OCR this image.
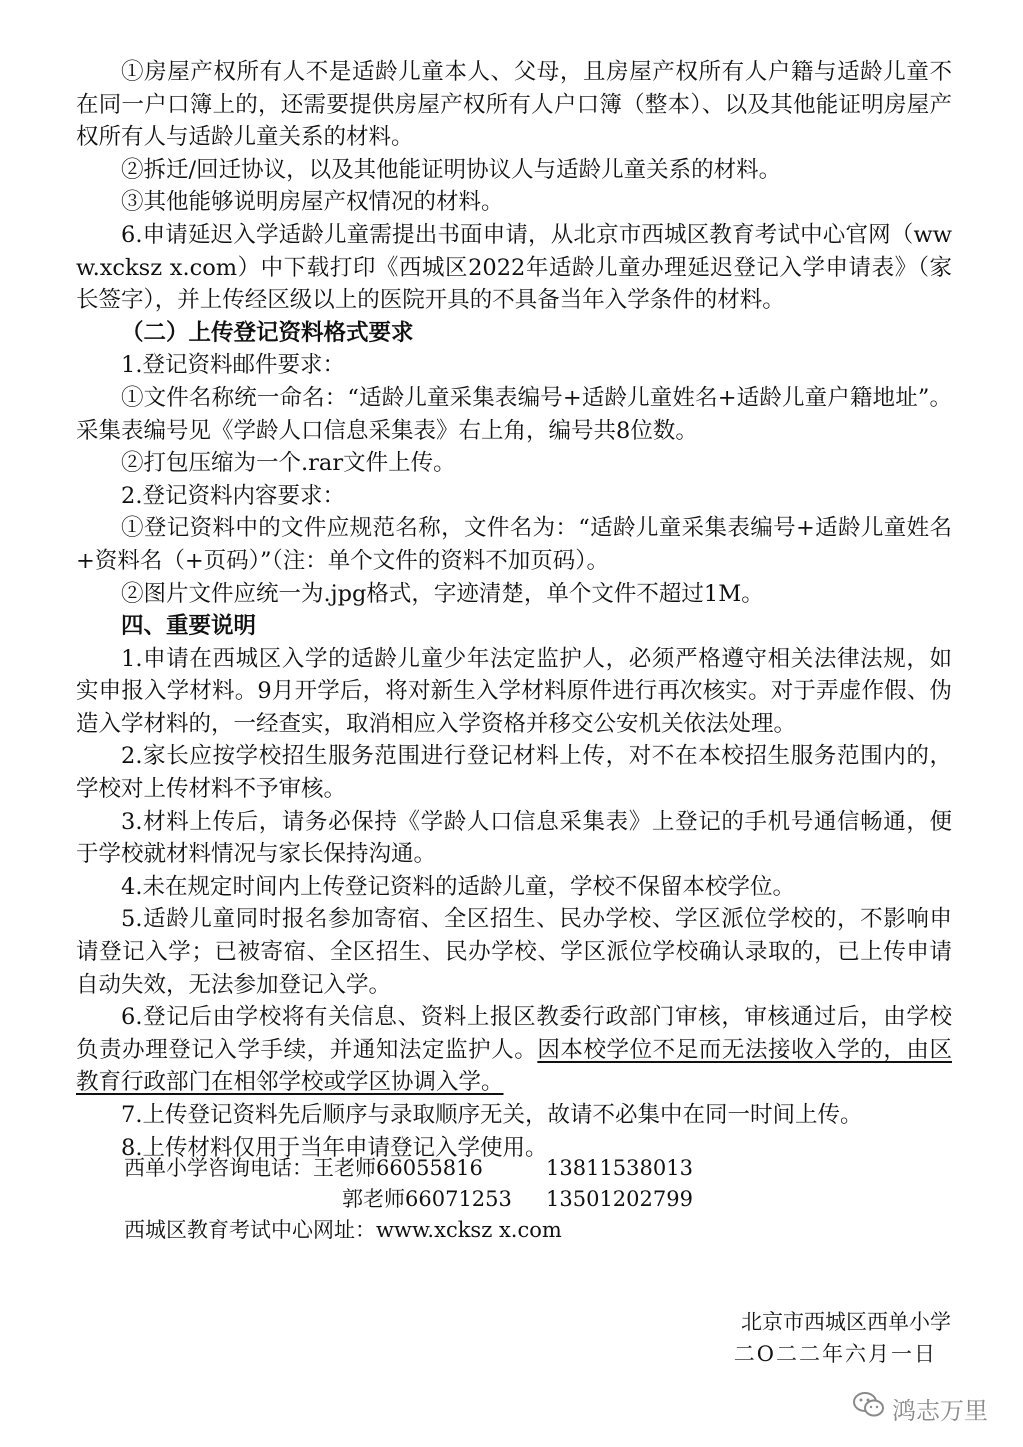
①房屋产权所有人不是适龄儿童本人、父母，且房屋产权所有人户籍与适龄儿童不在同一户口簿上的，还需要提供房屋产权所有人户口簿（整本）、以及其他能证明房屋产权所有人与适龄儿童关系的材料。

②拆迁/回迁协议，以及其他能证明协议人与适龄儿童关系的材料。

③其他能够说明房屋产权情况的材料。

6.申请延迟入学适龄儿童需提出书面申请，从北京市西城区教育考试中心官网（www.xcksz x.com）中下载打印《西城区2022年适龄儿童办理延迟登记入学申请表》（家长签字），并上传经区级以上的医院开具的不具备当年入学条件的材料。

（二）上传登记资料格式要求

1.登记资料邮件要求：

①文件名称统一命名：“适龄儿童采集表编号+适龄儿童姓名+适龄儿童户籍地址”。采集表编号见《学龄人口信息采集表》右上角，编号共8位数。

②打包压缩为一个.rar文件上传。

2.登记资料内容要求：

①登记资料中的文件应规范名称，文件名为：“适龄儿童采集表编号+适龄儿童姓名+资料名（+页码）”（注：单个文件的资料不加页码）。

②图片文件应统一为.jpg格式，字迹清楚，单个文件不超过1M。

四、重要说明

1.申请在西城区入学的适龄儿童少年法定监护人，必须严格遵守相关法律法规，如实申报入学材料。9月开学后，将对新生入学材料原件进行再次核实。对于弄虚作假、伪造入学材料的，一经查实，取消相应入学资格并移交公安机关依法处理。

2.家长应按学校招生服务范围进行登记材料上传，对不在本校招生服务范围内的，学校对上传材料不予审核。

3.材料上传后，请务必保持《学龄人口信息采集表》上登记的手机号通信畅通，便于学校就材料情况与家长保持沟通。

4.未在规定时间内上传登记资料的适龄儿童，学校不保留本校学位。

5.适龄儿童同时报名参加寄宿、全区招生、民办学校、学区派位学校的，不影响申请登记入学；已被寄宿、全区招生、民办学校、学区派位学校确认录取的，已上传申请自动失效，无法参加登记入学。

6.登记后由学校将有关信息、资料上报区教委行政部门审核，审核通过后，由学校负责办理登记入学手续，并通知法定监护人。因本校学位不足而无法接收入学的，由区教育行政部门在相邻学校或学区协调入学。

7.上传登记资料先后顺序与录取顺序无关，故请不必集中在同一时间上传。

8.上传材料仅用于当年申请登记入学使用。

西单小学咨询电话：王老师66055816	13811538013
郭老师66071253 13501202799
西城区教育考试中心网址：www.xcksz x.com
北京市西城区西单小学
二O二二年六月一日
鸿志万里
